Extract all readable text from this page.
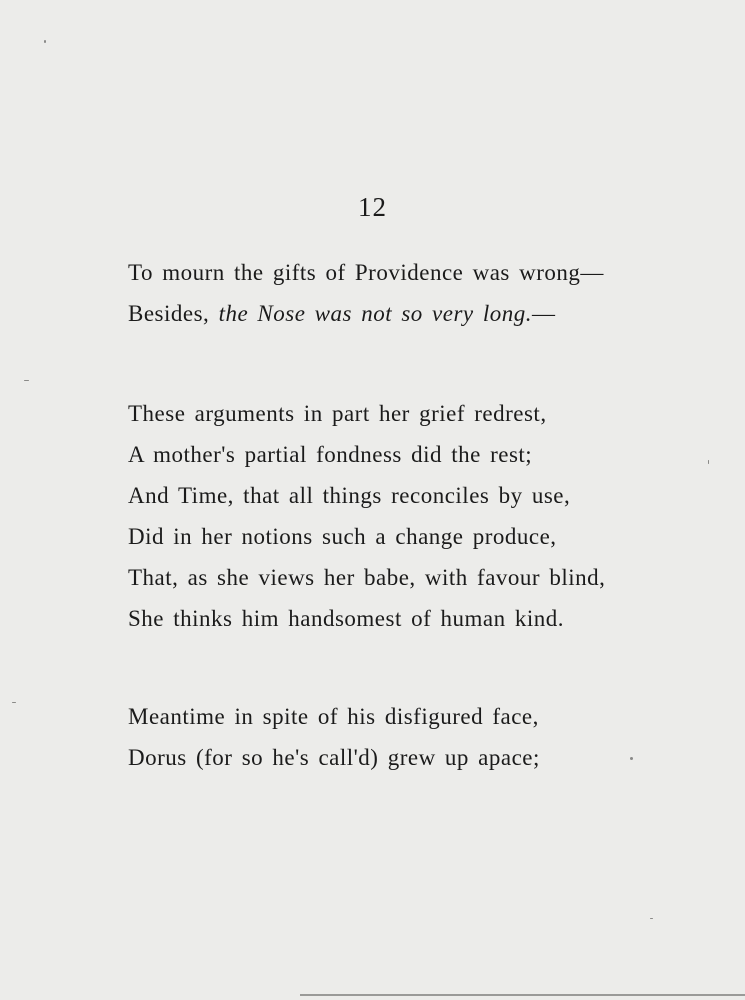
12
To mourn the gifts of Providence was wrong—
Besides, the Nose was not so very long.—
These arguments in part her grief redrest,
A mother's partial fondness did the rest;
And Time, that all things reconciles by use,
Did in her notions such a change produce,
That, as she views her babe, with favour blind,
She thinks him handsomest of human kind.
Meantime in spite of his disfigured face,
Dorus (for so he's call'd) grew up apace;
